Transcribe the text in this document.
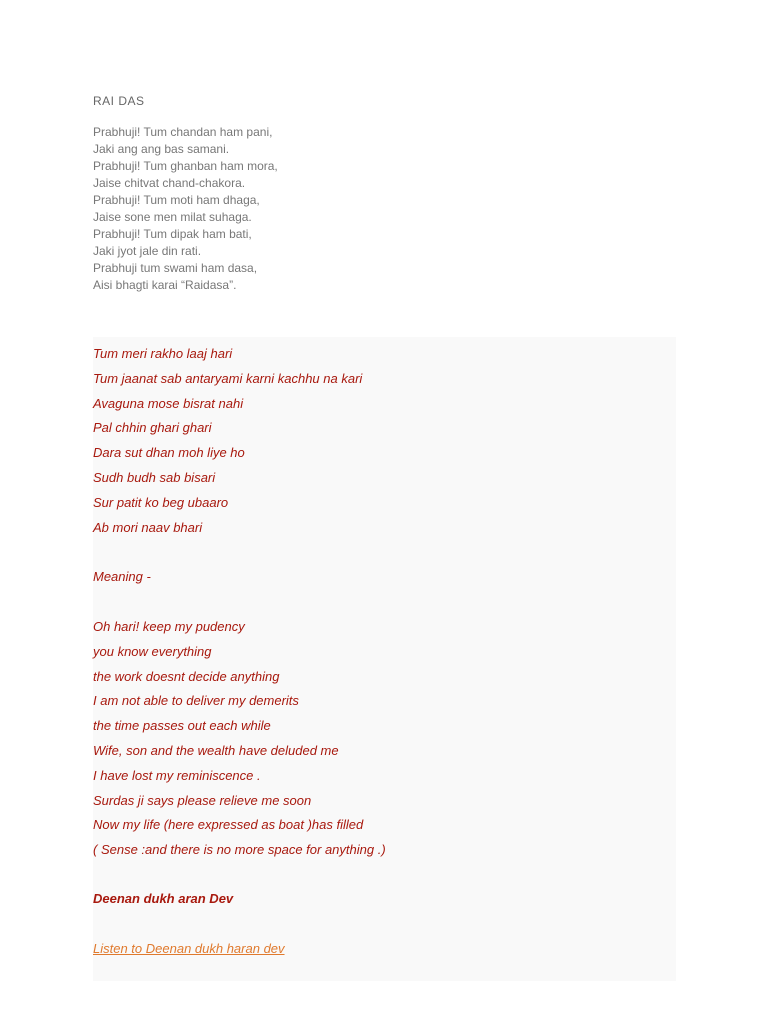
RAI DAS
Prabhuji! Tum chandan ham pani,
Jaki ang ang bas samani.
Prabhuji! Tum ghanban ham mora,
Jaise chitvat chand-chakora.
Prabhuji! Tum moti ham dhaga,
Jaise sone men milat suhaga.
Prabhuji! Tum dipak ham bati,
Jaki jyot jale din rati.
Prabhuji tum swami ham dasa,
Aisi bhagti karai “Raidasa”.
Tum meri rakho laaj hari
Tum jaanat sab antaryami karni kachhu na kari
Avaguna mose bisrat nahi
Pal chhin ghari ghari
Dara sut dhan moh liye ho
Sudh budh sab bisari
Sur patit ko beg ubaaro
Ab mori naav bhari
Meaning -
Oh hari! keep my pudency
you know everything
the work doesnt decide anything
I am not able to deliver my demerits
the time passes out each while
Wife, son and the wealth have deluded me
I have lost my reminiscence .
Surdas ji says please relieve me soon
Now my life (here expressed as boat )has filled
( Sense :and there is no more space for anything .)
Deenan dukh aran Dev
Listen to Deenan dukh haran dev
